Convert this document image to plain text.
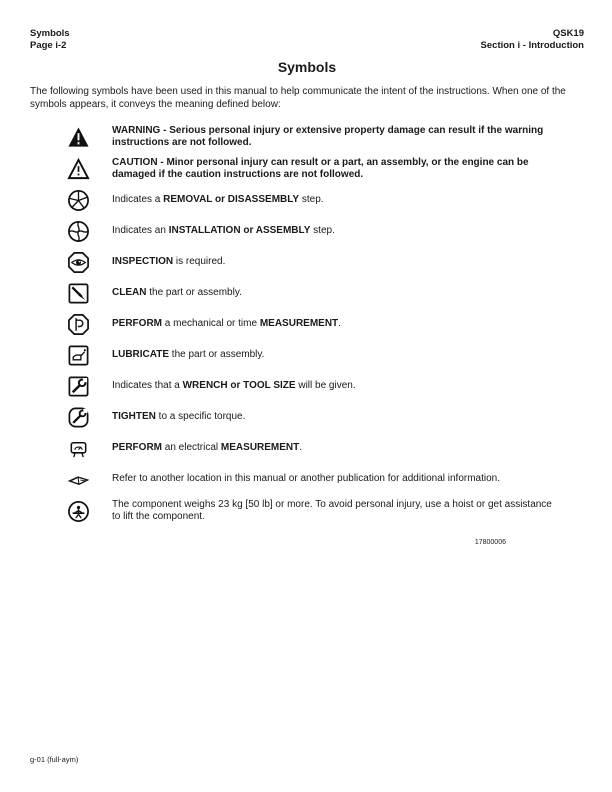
Symbols
Page i-2
QSK19
Section i - Introduction
Symbols

The following symbols have been used in this manual to help communicate the intent of the instructions. When one of the symbols appears, it conveys the meaning defined below:

WARNING - Serious personal injury or extensive property damage can result if the warning instructions are not followed.

CAUTION - Minor personal injury can result or a part, an assembly, or the engine can be damaged if the caution instructions are not followed.

Indicates a REMOVAL or DISASSEMBLY step.

Indicates an INSTALLATION or ASSEMBLY step.

INSPECTION is required.

CLEAN the part or assembly.

PERFORM a mechanical or time MEASUREMENT.

LUBRICATE the part or assembly.

Indicates that a WRENCH or TOOL SIZE will be given.

TIGHTEN to a specific torque.

PERFORM an electrical MEASUREMENT.

Refer to another location in this manual or another publication for additional information.

The component weighs 23 kg [50 lb] or more. To avoid personal injury, use a hoist or get assistance to lift the component.

17800006
g-01 (full-aym)
